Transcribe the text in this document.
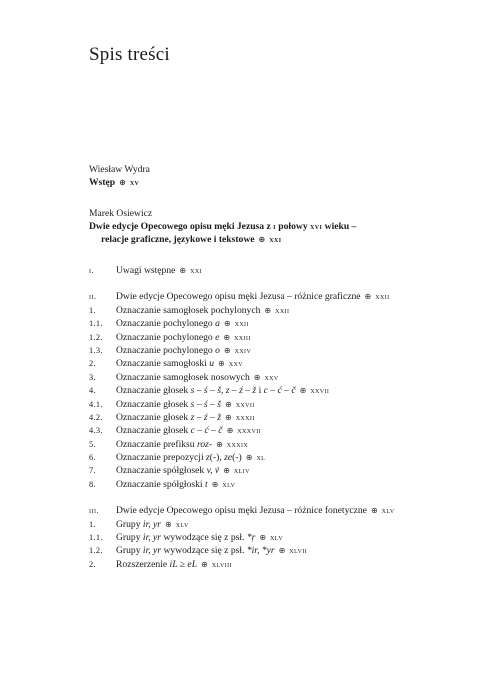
Spis treści
Wiesław Wydra
Wstęp ⊕ xv
Marek Osiewicz
Dwie edycje Opecowego opisu męki Jezusa z i połowy xvi wieku –
relacje graficzne, językowe i tekstowe ⊕ xxi
i. Uwagi wstępne ⊕ xxi
ii. Dwie edycje Opecowego opisu męki Jezusa – różnice graficzne ⊕ xxii
1. Oznaczanie samogłosek pochylonych ⊕ xxii
1.1. Oznaczanie pochylonego a ⊕ xxii
1.2. Oznaczanie pochylonego e ⊕ xxiii
1.3. Oznaczanie pochylonego o ⊕ xxiv
2. Oznaczanie samogłoski u ⊕ xxv
3. Oznaczanie samogłosek nosowych ⊕ xxv
4. Oznaczanie głosek s – ś – š, z – ź – ž i c – ć – č ⊕ xxvii
4.1. Oznaczanie głosek s – ś – š ⊕ xxvii
4.2. Oznaczanie głosek z – ź – ž ⊕ xxxii
4.3. Oznaczanie głosek c – ć – č ⊕ xxxvii
5. Oznaczanie prefiksu roz- ⊕ xxxix
6. Oznaczanie prepozycji z(-), ze(-) ⊕ xl
7. Oznaczanie spółgłosek v, v́ ⊕ xliv
8. Oznaczanie spółgłoski t ⊕ xlv
iii. Dwie edycje Opecowego opisu męki Jezusa – różnice fonetyczne ⊕ xlv
1. Grupy ir, yr ⊕ xlv
1.1. Grupy ir, yr wywodzące się z psł. *ṛ ⊕ xlv
1.2. Grupy ir, yr wywodzące się z psł. *ir, *yr ⊕ xlvii
2. Rozszerzenie iL ≥ eL ⊕ xlviii
